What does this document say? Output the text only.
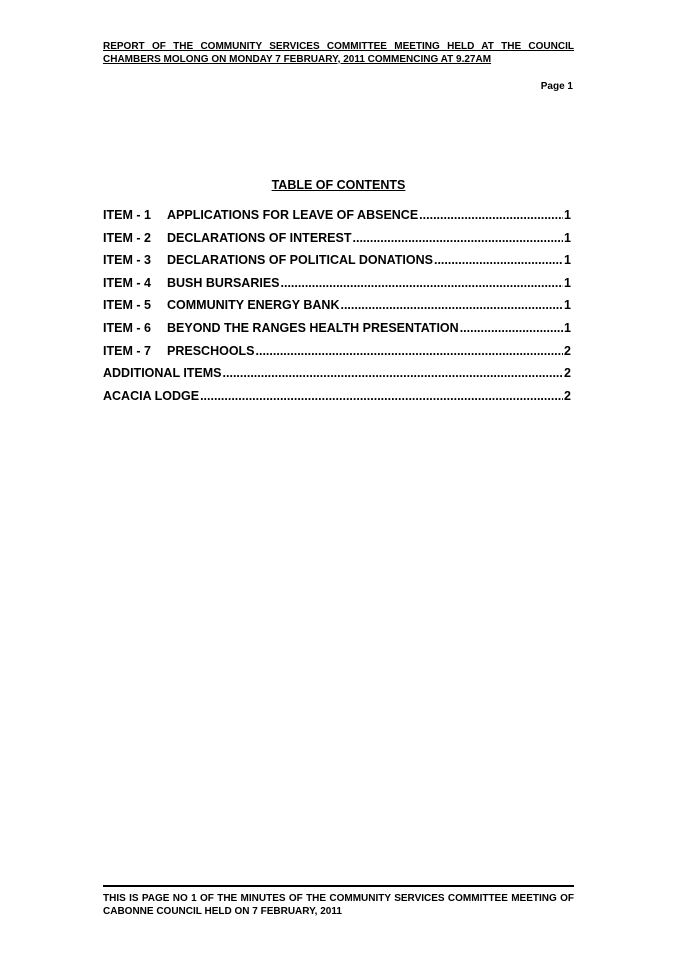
REPORT OF THE COMMUNITY SERVICES COMMITTEE MEETING HELD AT THE COUNCIL CHAMBERS MOLONG ON MONDAY 7 FEBRUARY, 2011 COMMENCING AT 9.27AM
Page 1
TABLE OF CONTENTS
ITEM - 1	APPLICATIONS FOR LEAVE OF ABSENCE .....	1
ITEM - 2	DECLARATIONS OF INTEREST .....	1
ITEM - 3	DECLARATIONS OF POLITICAL DONATIONS .....	1
ITEM - 4	BUSH BURSARIES .....	1
ITEM - 5	COMMUNITY ENERGY BANK .....	1
ITEM - 6	BEYOND THE RANGES HEALTH PRESENTATION .....	1
ITEM - 7	PRESCHOOLS .....	2
ADDITIONAL ITEMS .....	2
ACACIA LODGE .....	2
THIS IS PAGE NO 1 OF THE MINUTES OF THE COMMUNITY SERVICES COMMITTEE MEETING OF CABONNE COUNCIL HELD ON 7 FEBRUARY, 2011
